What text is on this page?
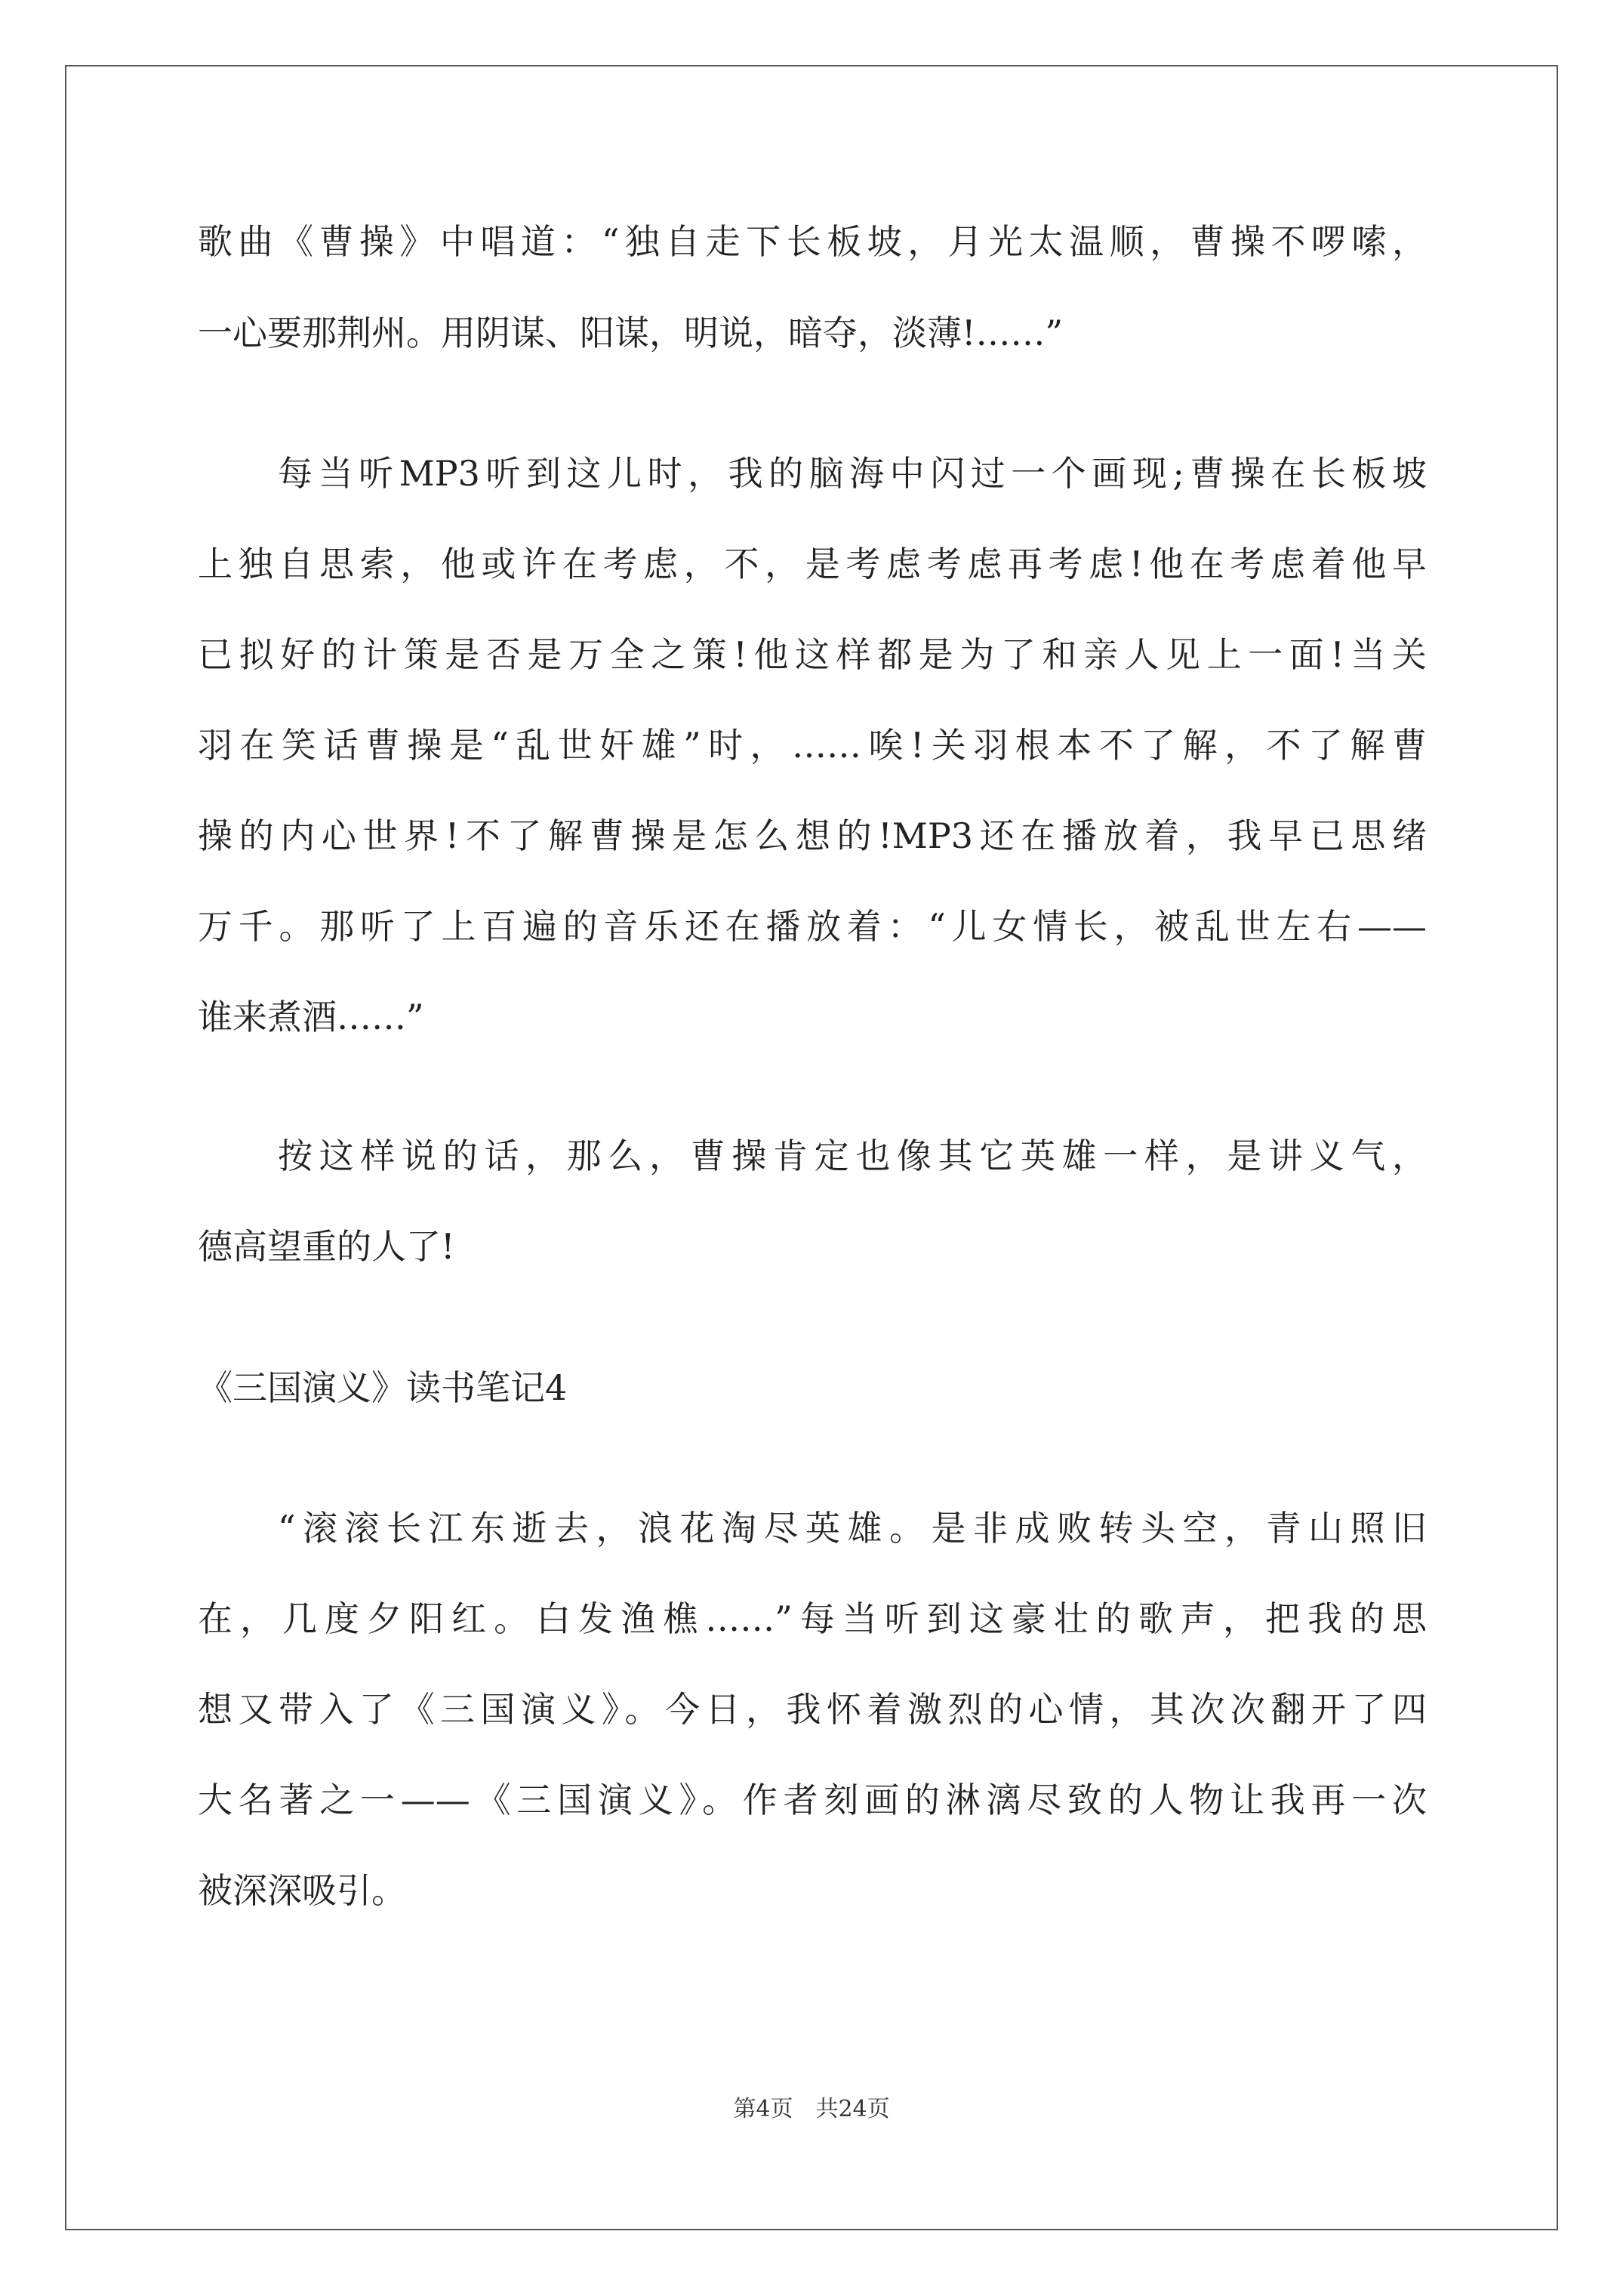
歌曲《曹操》中唱道：“独自走下长板坡，月光太温顺，曹操不啰嗦，
一心要那荆州。用阴谋、阳谋，明说，暗夺，淡薄!……”
每当听MP3听到这儿时，我的脑海中闪过一个画现;曹操在长板坡
上独自思索，他或许在考虑，不，是考虑考虑再考虑!他在考虑着他早
已拟好的计策是否是万全之策!他这样都是为了和亲人见上一面!当关
羽在笑话曹操是“乱世奸雄”时，……唉!关羽根本不了解，不了解曹
操的内心世界!不了解曹操是怎么想的!MP3还在播放着，我早已思绪
万千。那听了上百遍的音乐还在播放着：“儿女情长，被乱世左右——
谁来煮酒……”
按这样说的话，那么，曹操肯定也像其它英雄一样，是讲义气，
德高望重的人了!
《三国演义》读书笔记4
“滚滚长江东逝去，浪花淘尽英雄。是非成败转头空，青山照旧
在，几度夕阳红。白发渔樵……”每当听到这豪壮的歌声，把我的思
想又带入了《三国演义》。今日，我怀着激烈的心情，其次次翻开了四
大名著之一——《三国演义》。作者刻画的淋漓尽致的人物让我再一次
被深深吸引。
第4页　共24页
